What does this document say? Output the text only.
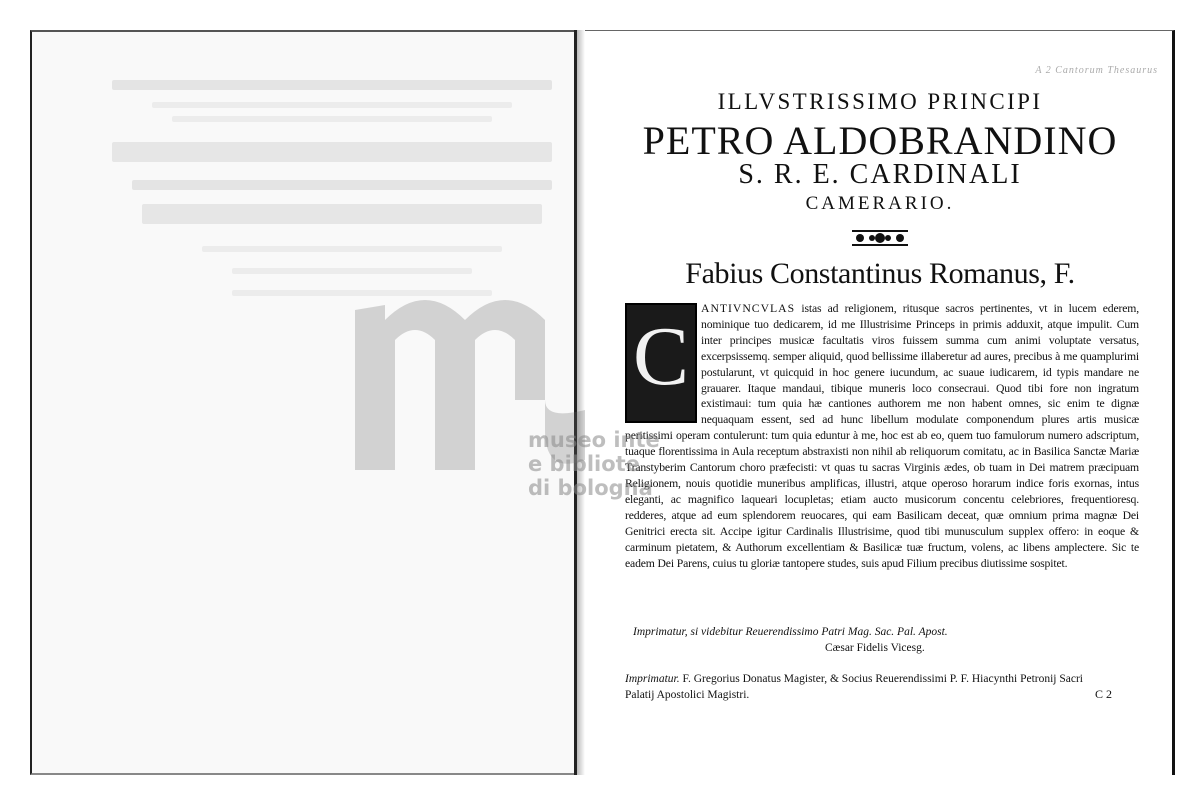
A 2 Cantorum Thesaurus
ILLVSTRISSIMO PRINCIPI
PETRO ALDOBRANDINO
S. R. E. CARDINALI
CAMERARIO.
Fabius Constantinus Romanus, F.
C

ANTIVNCVLAS istas ad religionem, ritusque sacros pertinentes, vt in lucem ederem, nominique tuo dedicarem, id me Illustrisime Princeps in primis adduxit, atque impulit. Cum inter principes musicæ facultatis viros fuissem summa cum animi voluptate versatus, excerpsissemq. semper aliquid, quod bellissime illaberetur ad aures, precibus à me quamplurimi postularunt, vt quicquid in hoc genere iucundum, ac suaue iudicarem, id typis mandare ne grauarer. Itaque mandaui, tibique muneris loco consecraui. Quod tibi fore non ingratum existimaui: tum quia hæ cantiones authorem me non habent omnes, sic enim te dignæ nequaquam essent, sed ad hunc libellum modulate componendum plures artis musicæ peritissimi operam contulerunt: tum quia eduntur à me, hoc est ab eo, quem tuo famulorum numero adscriptum, tuaque florentissima in Aula receptum abstraxisti non nihil ab reliquorum comitatu, ac in Basilica Sanctæ Mariæ Transtyberim Cantorum choro præfecisti: vt quas tu sacras Virginis ædes, ob tuam in Dei matrem præcipuam Religionem, nouis quotidie muneribus amplificas, illustri, atque operoso horarum indice foris exornas, intus eleganti, ac magnifico laqueari locupletas; etiam aucto musicorum concentu celebriores, frequentioresq. redderes, atque ad eum splendorem reuocares, qui eam Basilicam deceat, quæ omnium prima magnæ Dei Genitrici erecta sit. Accipe igitur Cardinalis Illustrisime, quod tibi munusculum supplex offero: in eoque & carminum pietatem, & Authorum excellentiam & Basilicæ tuæ fructum, volens, ac libens amplectere. Sic te eadem Dei Parens, cuius tu gloriæ tantopere studes, suis apud Filium precibus diutissime sospitet.

Imprimatur, si videbitur Reuerendissimo Patri Mag. Sac. Pal. Apost.
Cæsar Fidelis Vicesg.
Imprimatur. F. Gregorius Donatus Magister, & Socius Reuerendissimi P. F. Hiacynthi Petronij Sacri Palatij Apostolici Magistri.	C 2
museo inte
e bibliote
di bologna
